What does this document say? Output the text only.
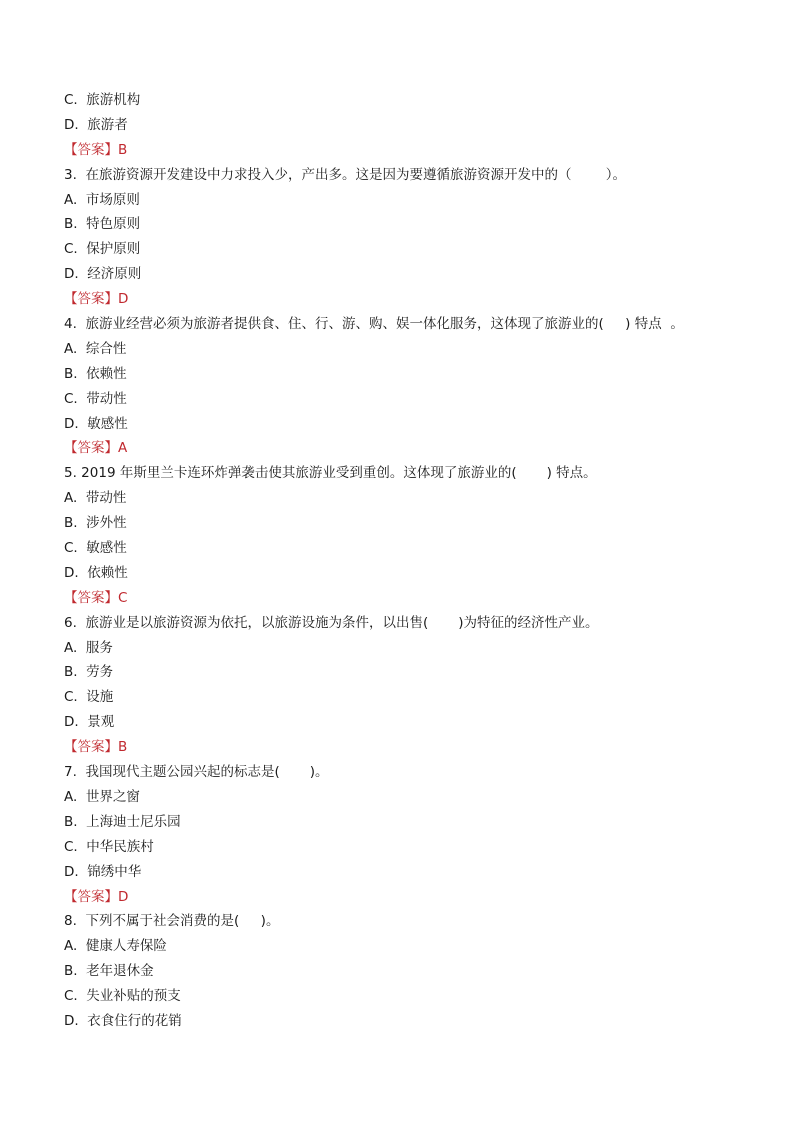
C.  旅游机构
D.  旅游者
【答案】B
3.  在旅游资源开发建设中力求投入少，产出多。这是因为要遵循旅游资源开发中的（        ）。
A.  市场原则
B.  特色原则
C.  保护原则
D.  经济原则
【答案】D
4.  旅游业经营必须为旅游者提供食、住、行、游、购、娱一体化服务，这体现了旅游业的(     ) 特点  。
A.  综合性
B.  依赖性
C.  带动性
D.  敏感性
【答案】A
5. 2019 年斯里兰卡连环炸弹袭击使其旅游业受到重创。这体现了旅游业的(       ) 特点。
A.  带动性
B.  涉外性
C.  敏感性
D.  依赖性
【答案】C
6.  旅游业是以旅游资源为依托，以旅游设施为条件，以出售(       )为特征的经济性产业。
A.  服务
B.  劳务
C.  设施
D.  景观
【答案】B
7.  我国现代主题公园兴起的标志是(       )。
A.  世界之窗
B.  上海迪士尼乐园
C.  中华民族村
D.  锦绣中华
【答案】D
8.  下列不属于社会消费的是(     )。
A.  健康人寿保险
B.  老年退休金
C.  失业补贴的预支
D.  衣食住行的花销
